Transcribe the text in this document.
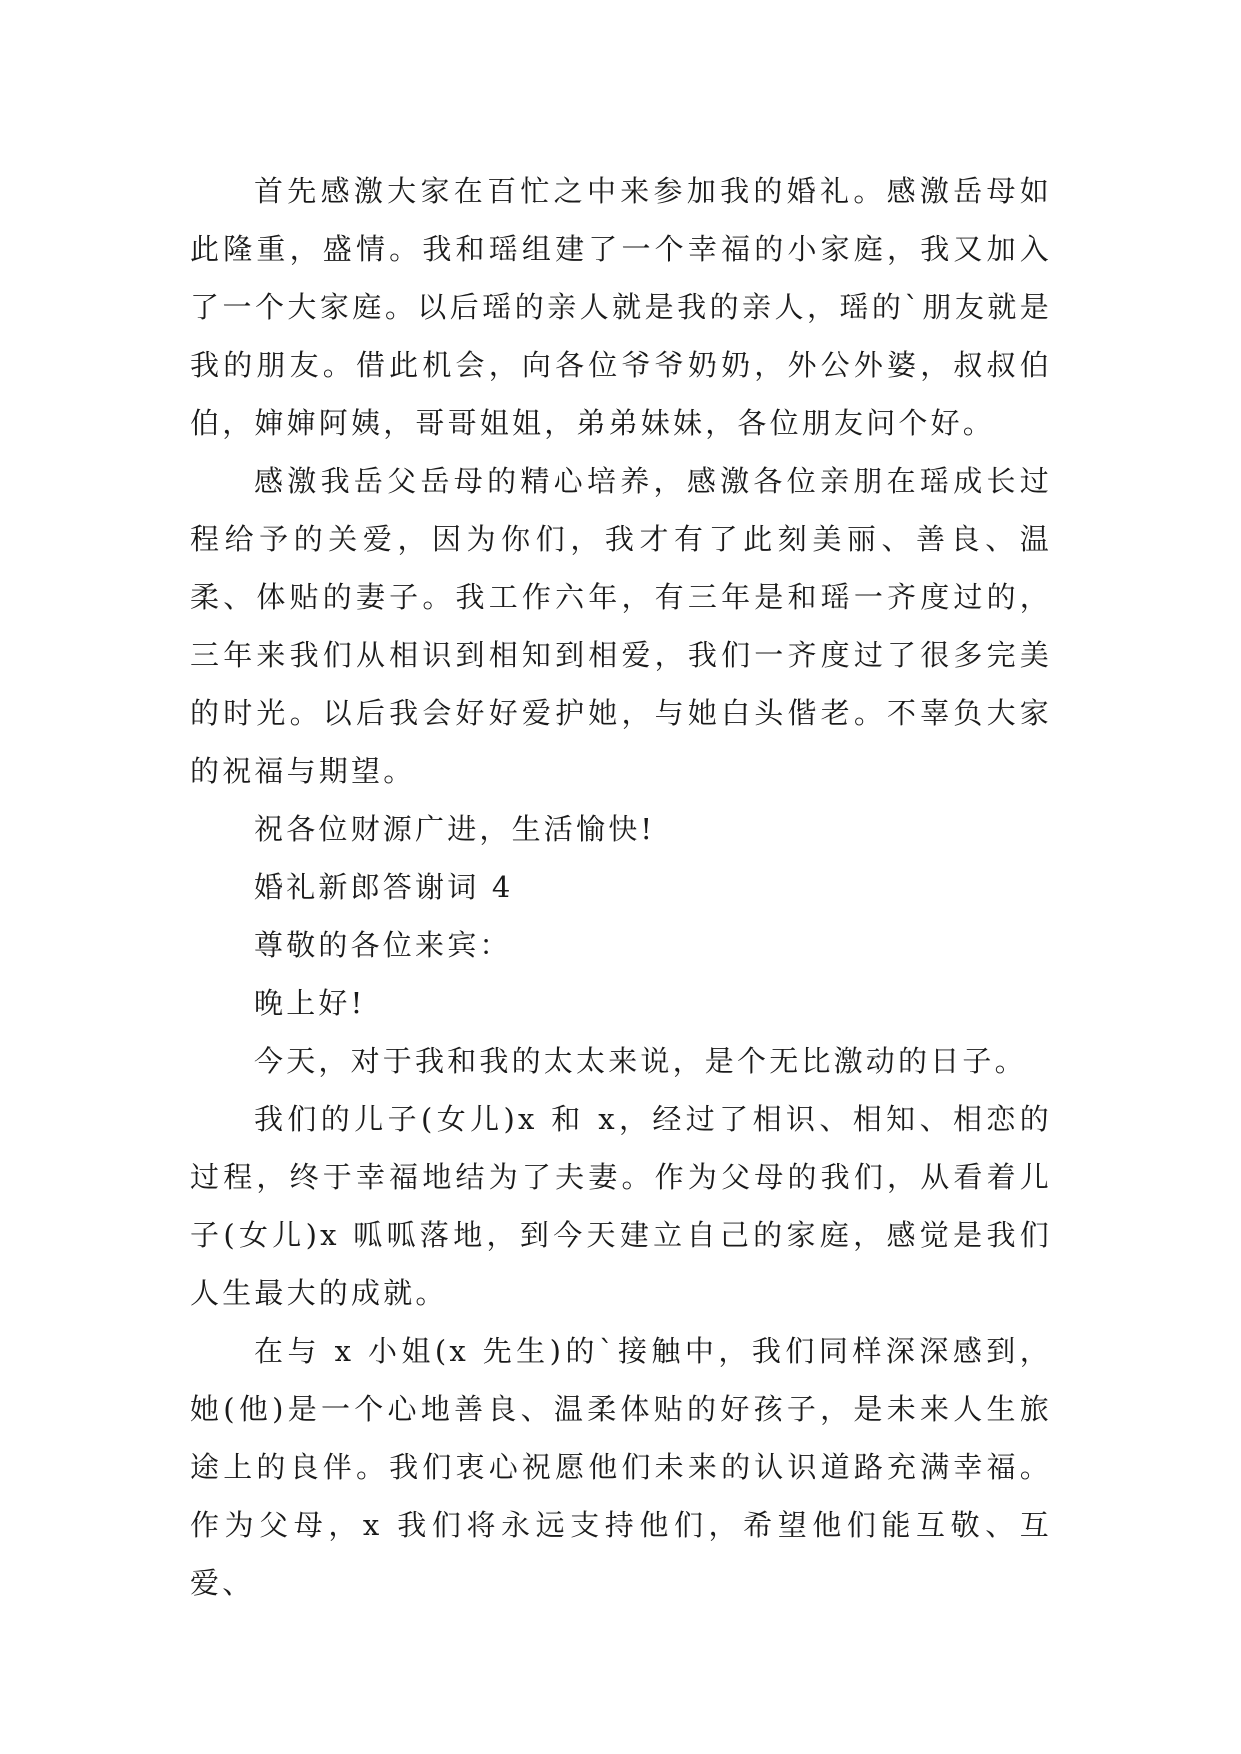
首先感激大家在百忙之中来参加我的婚礼。感激岳母如此隆重，盛情。我和瑶组建了一个幸福的小家庭，我又加入了一个大家庭。以后瑶的亲人就是我的亲人，瑶的`朋友就是我的朋友。借此机会，向各位爷爷奶奶，外公外婆，叔叔伯伯，婶婶阿姨，哥哥姐姐，弟弟妹妹，各位朋友问个好。

感激我岳父岳母的精心培养，感激各位亲朋在瑶成长过程给予的关爱，因为你们，我才有了此刻美丽、善良、温柔、体贴的妻子。我工作六年，有三年是和瑶一齐度过的，三年来我们从相识到相知到相爱，我们一齐度过了很多完美的时光。以后我会好好爱护她，与她白头偕老。不辜负大家的祝福与期望。

祝各位财源广进，生活愉快!

婚礼新郎答谢词 4

尊敬的各位来宾：

晚上好!

今天，对于我和我的太太来说，是个无比激动的日子。

我们的儿子(女儿)x 和 x，经过了相识、相知、相恋的过程，终于幸福地结为了夫妻。作为父母的我们，从看着儿子(女儿)x 呱呱落地，到今天建立自己的家庭，感觉是我们人生最大的成就。

在与 x 小姐(x 先生)的`接触中，我们同样深深感到，她(他)是一个心地善良、温柔体贴的好孩子，是未来人生旅途上的良伴。我们衷心祝愿他们未来的认识道路充满幸福。作为父母，x 我们将永远支持他们，希望他们能互敬、互爱、
